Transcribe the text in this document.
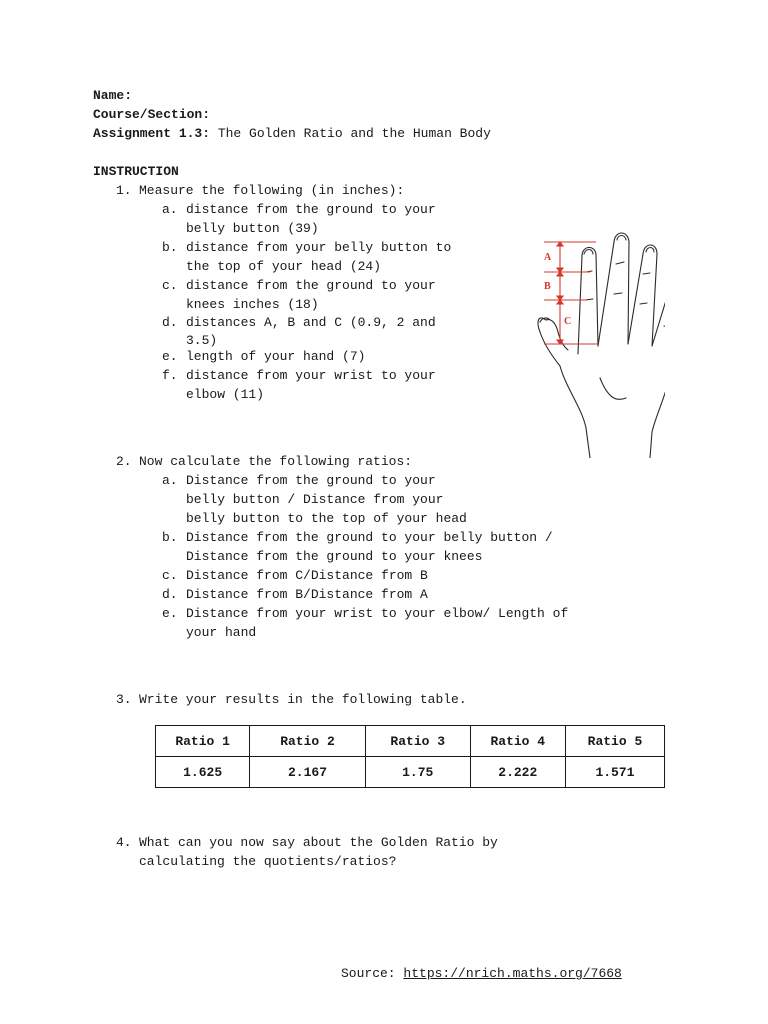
Name:
Course/Section:
Assignment 1.3: The Golden Ratio and the Human Body
INSTRUCTION
1. Measure the following (in inches):
a. distance from the ground to your
belly button (39)
b. distance from your belly button to
the top of your head (24)
c. distance from the ground to your
knees inches (18)
d. distances A, B and C (0.9, 2 and
3.5)
e. length of your hand (7)
f. distance from your wrist to your
elbow (11)
A
B
C
2. Now calculate the following ratios:
a. Distance from the ground to your
belly button / Distance from your
belly button to the top of your head
b. Distance from the ground to your belly button /
Distance from the ground to your knees
c. Distance from C/Distance from B
d. Distance from B/Distance from A
e. Distance from your wrist to your elbow/ Length of
your hand
3. Write your results in the following table.
Ratio 1	Ratio 2	Ratio 3	Ratio 4	Ratio 5
1.625	2.167	1.75	2.222	1.571
4. What can you now say about the Golden Ratio by
calculating the quotients/ratios?
Source: https://nrich.maths.org/7668
